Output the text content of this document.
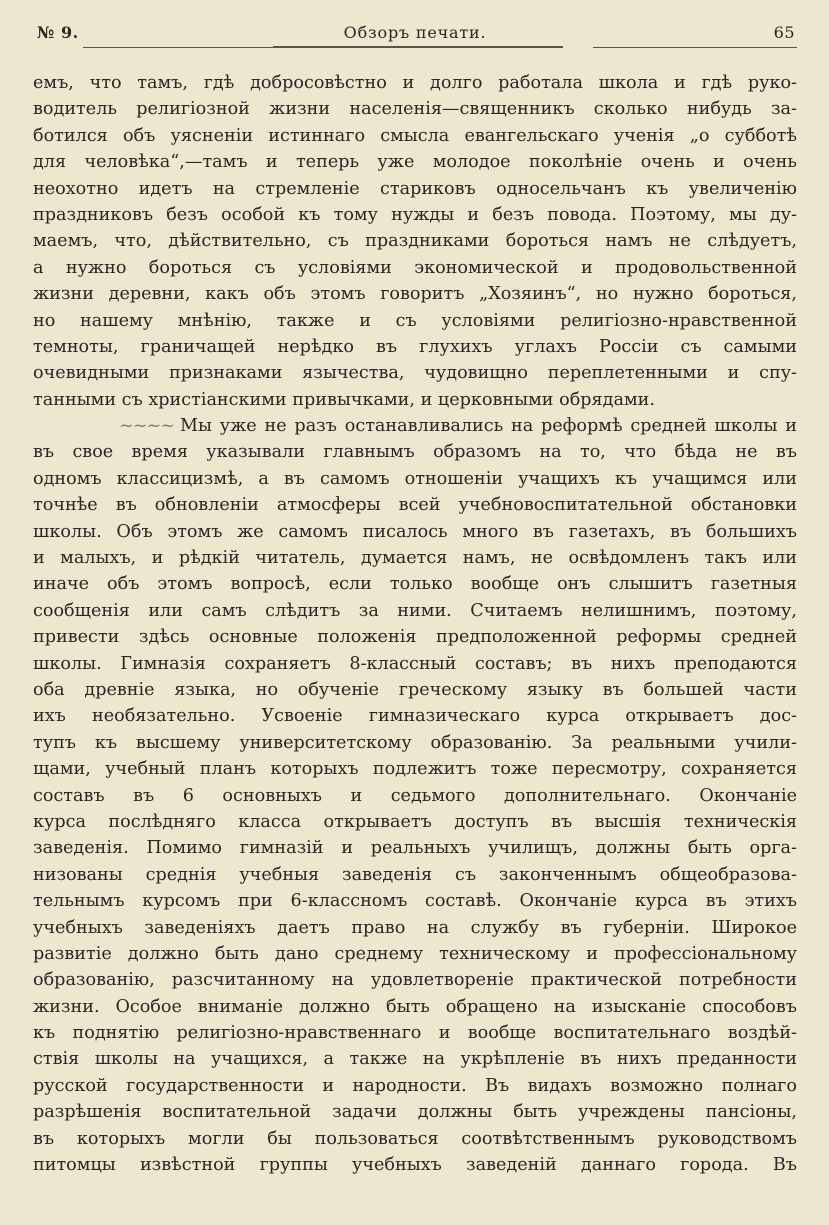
№ 9.	Обзоръ печати.	65
емъ, что тамъ, гдѣ добросовѣстно и долго работала школа и гдѣ руко-
водитель религіозной жизни населенія—священникъ сколько нибудь за-
ботился объ уясненіи истиннаго смысла евангельскаго ученія „о субботѣ
для человѣка“,—тамъ и теперь уже молодое поколѣніе очень и очень
неохотно идетъ на стремленіе стариковъ односельчанъ къ увеличенію
праздниковъ безъ особой къ тому нужды и безъ повода. Поэтому, мы ду-
маемъ, что, дѣйствительно, съ праздниками бороться намъ не слѣдуетъ,
а нужно бороться съ условіями экономической и продовольственной
жизни деревни, какъ объ этомъ говоритъ „Хозяинъ“, но нужно бороться,
но нашему мнѣнію, также и съ условіями религіозно-нравственной
темноты, граничащей нерѣдко въ глухихъ углахъ Россіи съ самыми
очевидными признаками язычества, чудовищно переплетенными и спу-
танными съ христіанскими привычками, и церковными обрядами.
~~~~ Мы уже не разъ останавливались на реформѣ средней школы и
въ свое время указывали главнымъ образомъ на то, что бѣда не въ
одномъ классицизмѣ, а въ самомъ отношеніи учащихъ къ учащимся или
точнѣе въ обновленіи атмосферы всей учебновоспитательной обстановки
школы. Объ этомъ же самомъ писалось много въ газетахъ, въ большихъ
и малыхъ, и рѣдкій читатель, думается намъ, не освѣдомленъ такъ или
иначе объ этомъ вопросѣ, если только вообще онъ слышитъ газетныя
сообщенія или самъ слѣдитъ за ними. Считаемъ нелишнимъ, поэтому,
привести здѣсь основные положенія предположенной реформы средней
школы. Гимназія сохраняетъ 8-классный составъ; въ нихъ преподаются
оба древніе языка, но обученіе греческому языку въ большей части
ихъ необязательно. Усвоеніе гимназическаго курса открываетъ дос-
тупъ къ высшему университетскому образованію. За реальными учили-
щами, учебный планъ которыхъ подлежитъ тоже пересмотру, сохраняется
составъ въ 6 основныхъ и седьмого дополнительнаго. Окончаніе
курса послѣдняго класса открываетъ доступъ въ высшія техническія
заведенія. Помимо гимназій и реальныхъ училищъ, должны быть орга-
низованы среднія учебныя заведенія съ законченнымъ общеобразова-
тельнымъ курсомъ при 6-классномъ составѣ. Окончаніе курса въ этихъ
учебныхъ заведеніяхъ даетъ право на службу въ губерніи. Широкое
развитіе должно быть дано среднему техническому и профессіональному
образованію, разсчитанному на удовлетвореніе практической потребности
жизни. Особое вниманіе должно быть обращено на изысканіе способовъ
къ поднятію религіозно-нравственнаго и вообще воспитательнаго воздѣй-
ствія школы на учащихся, а также на укрѣпленіе въ нихъ преданности
русской государственности и народности. Въ видахъ возможно полнаго
разрѣшенія воспитательной задачи должны быть учреждены пансіоны,
въ которыхъ могли бы пользоваться соотвѣтственнымъ руководствомъ
питомцы извѣстной группы учебныхъ заведеній даннаго города. Въ
